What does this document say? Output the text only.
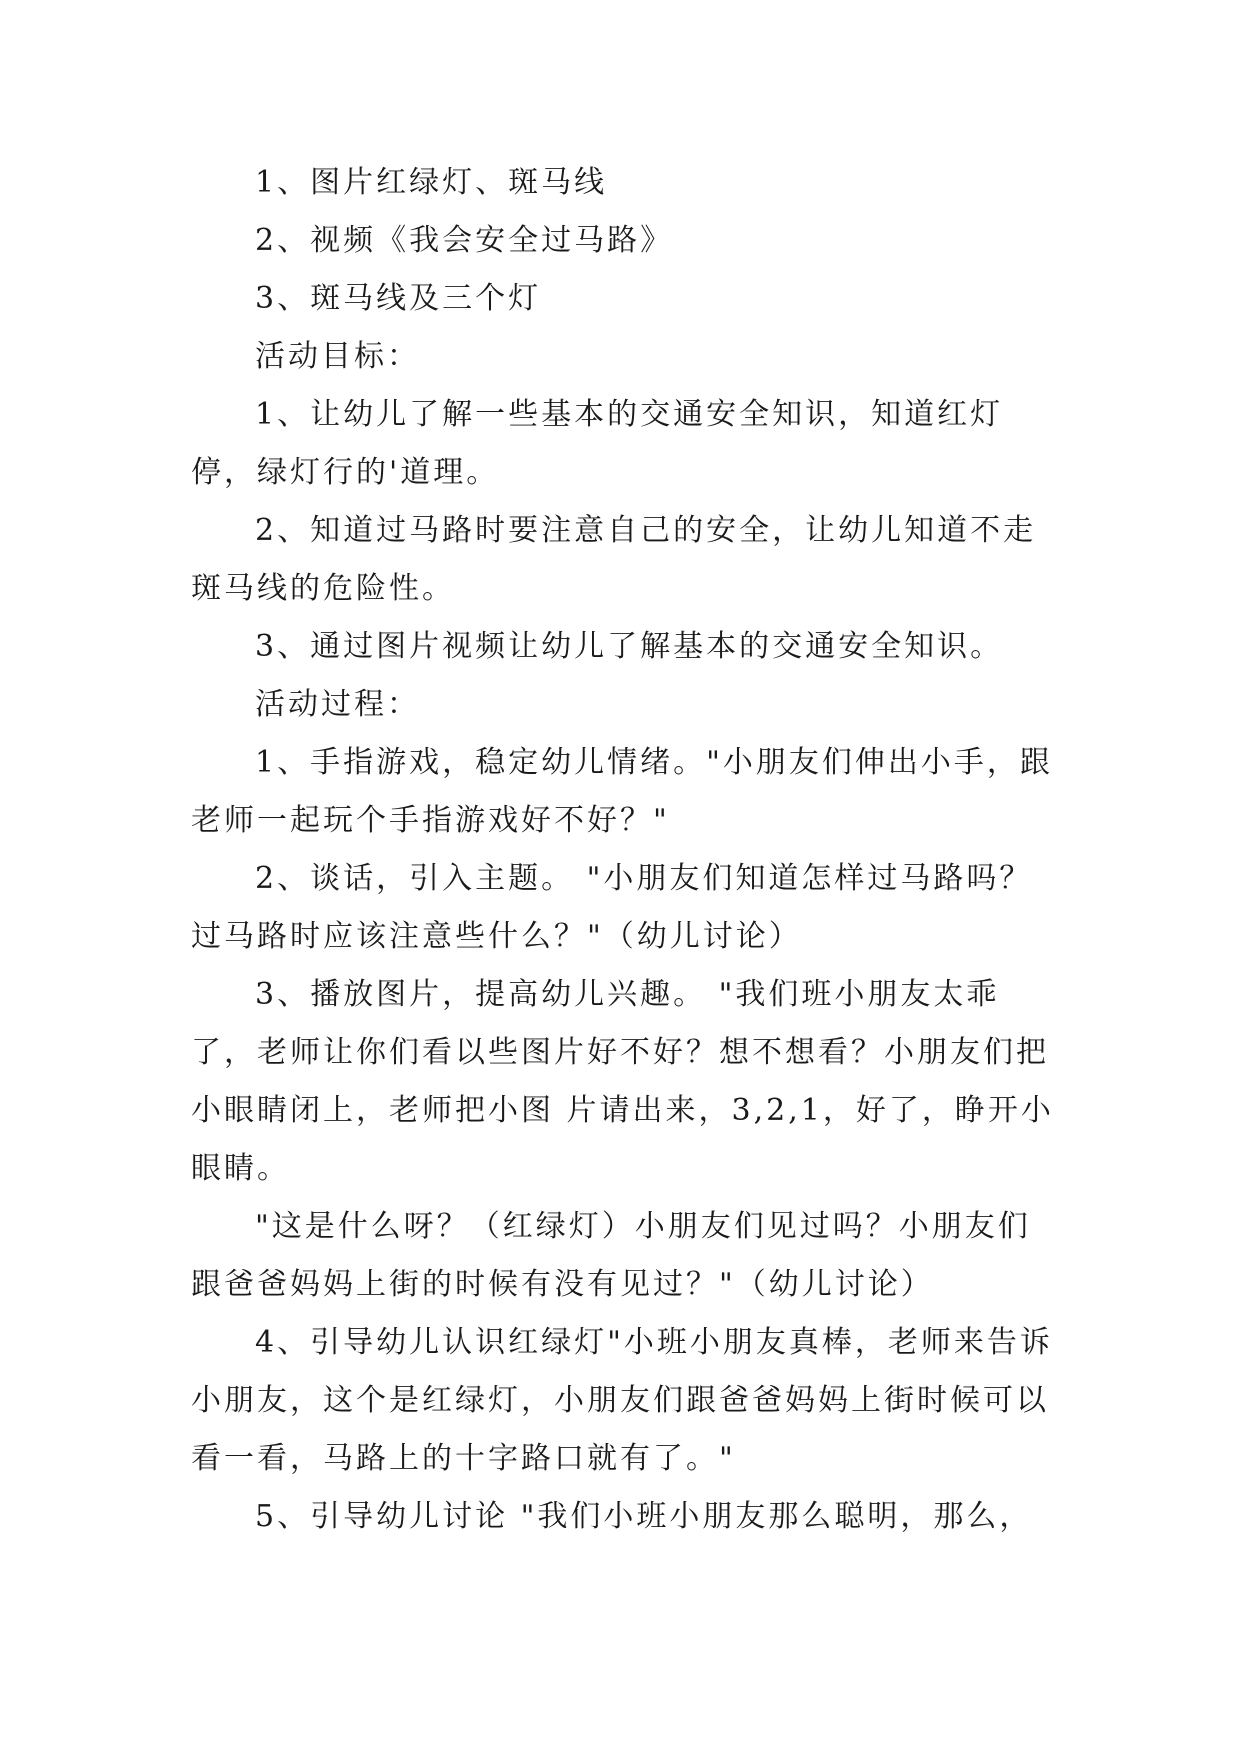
1、图片红绿灯、斑马线

2、视频《我会安全过马路》

3、斑马线及三个灯

活动目标：

1、让幼儿了解一些基本的交通安全知识，知道红灯停，绿灯行的'道理。

2、知道过马路时要注意自己的安全，让幼儿知道不走斑马线的危险性。

3、通过图片视频让幼儿了解基本的交通安全知识。

活动过程：

1、手指游戏，稳定幼儿情绪。"小朋友们伸出小手，跟老师一起玩个手指游戏好不好？"

2、谈话，引入主题。 "小朋友们知道怎样过马路吗？过马路时应该注意些什么？"（幼儿讨论）

3、播放图片，提高幼儿兴趣。 "我们班小朋友太乖了，老师让你们看以些图片好不好？想不想看？小朋友们把小眼睛闭上，老师把小图 片请出来，3,2,1，好了，睁开小眼睛。

"这是什么呀？（红绿灯）小朋友们见过吗？小朋友们跟爸爸妈妈上街的时候有没有见过？"（幼儿讨论）

4、引导幼儿认识红绿灯"小班小朋友真棒，老师来告诉小朋友，这个是红绿灯，小朋友们跟爸爸妈妈上街时候可以看一看，马路上的十字路口就有了。"

5、引导幼儿讨论 "我们小班小朋友那么聪明，那么，
